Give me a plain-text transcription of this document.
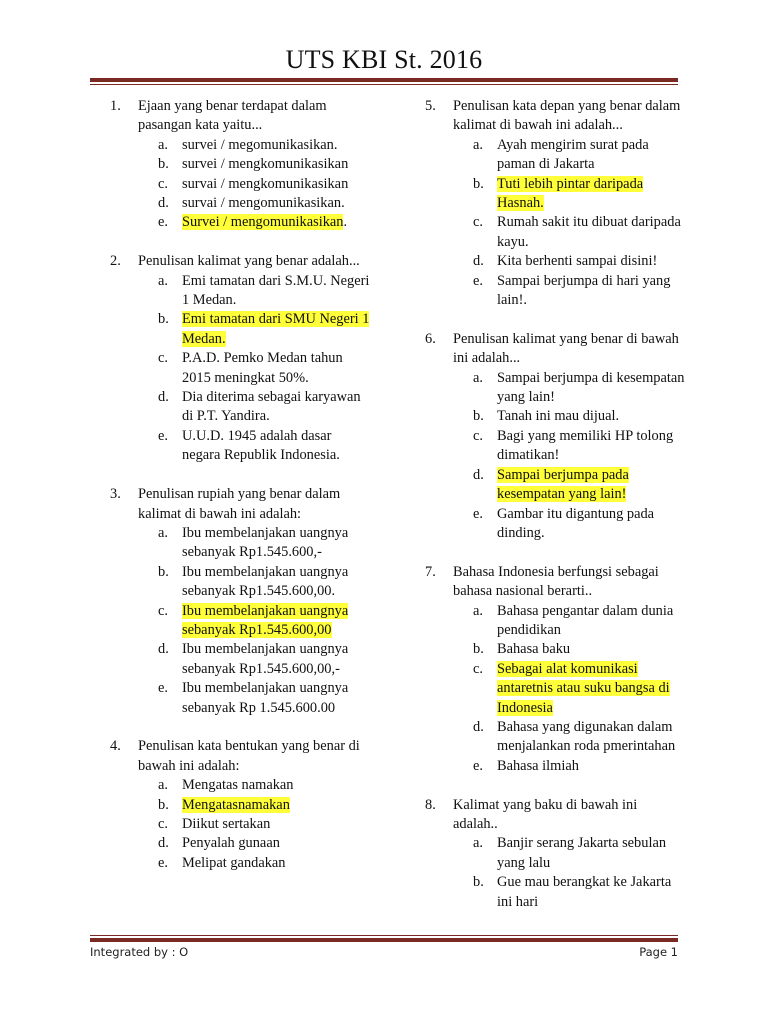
UTS KBI St. 2016
1. Ejaan yang benar terdapat dalam pasangan kata yaitu...
a. survei / megomunikasikan.
b. survei / mengkomunikasikan
c. survai / mengkomunikasikan
d. survai / mengomunikasikan.
e. Survei / mengomunikasikan.
2. Penulisan kalimat yang benar adalah...
a. Emi tamatan dari S.M.U. Negeri 1 Medan.
b. Emi tamatan dari SMU Negeri 1 Medan.
c. P.A.D. Pemko Medan tahun 2015 meningkat 50%.
d. Dia diterima sebagai karyawan di P.T. Yandira.
e. U.U.D. 1945 adalah dasar negara Republik Indonesia.
3. Penulisan rupiah yang benar dalam kalimat di bawah ini adalah:
a. Ibu membelanjakan uangnya sebanyak Rp1.545.600,-
b. Ibu membelanjakan uangnya sebanyak Rp1.545.600,00.
c. Ibu membelanjakan uangnya sebanyak Rp1.545.600,00
d. Ibu membelanjakan uangnya sebanyak Rp1.545.600,00,-
e. Ibu membelanjakan uangnya sebanyak Rp 1.545.600.00
4. Penulisan kata bentukan yang benar di bawah ini adalah:
a. Mengatas namakan
b. Mengatasnamakan
c. Diikut sertakan
d. Penyalah gunaan
e. Melipat gandakan
5. Penulisan kata depan yang benar dalam kalimat di bawah ini adalah...
a. Ayah mengirim surat pada paman di Jakarta
b. Tuti lebih pintar daripada Hasnah.
c. Rumah sakit itu dibuat daripada kayu.
d. Kita berhenti sampai disini!
e. Sampai berjumpa di hari yang lain!.
6. Penulisan kalimat yang benar di bawah ini adalah...
a. Sampai berjumpa di kesempatan yang lain!
b. Tanah ini mau dijual.
c. Bagi yang memiliki HP tolong dimatikan!
d. Sampai berjumpa pada kesempatan yang lain!
e. Gambar itu digantung pada dinding.
7. Bahasa Indonesia berfungsi sebagai bahasa nasional berarti..
a. Bahasa pengantar dalam dunia pendidikan
b. Bahasa baku
c. Sebagai alat komunikasi antaretnis atau suku bangsa di Indonesia
d. Bahasa yang digunakan dalam menjalankan roda pmerintahan
e. Bahasa ilmiah
8. Kalimat yang baku di bawah ini adalah..
a. Banjir serang Jakarta sebulan yang lalu
b. Gue mau berangkat ke Jakarta ini hari
Integrated by : O	Page 1
